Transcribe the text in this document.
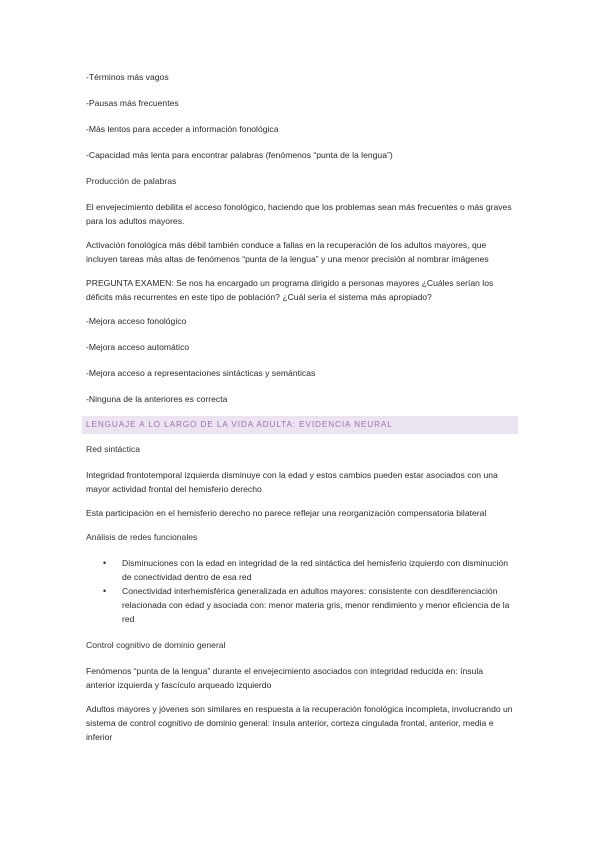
-Términos más vagos

-Pausas más frecuentes

-Más lentos para acceder a información fonológica

-Capacidad más lenta para encontrar palabras (fenómenos “punta de la lengua”)

Producción de palabras

El envejecimiento debilita el acceso fonológico, haciendo que los problemas sean más frecuentes o más graves para los adultos mayores.

Activación fonológica más débil también conduce a fallas en la recuperación de los adultos mayores, que incluyen tareas más altas de fenómenos “punta de la lengua” y una menor precisión al nombrar imágenes

PREGUNTA EXAMEN: Se nos ha encargado un programa dirigido a personas mayores ¿Cuáles serían los déficits más recurrentes en este tipo de población? ¿Cuál sería el sistema más apropiado?

-Mejora acceso fonológico

-Mejora acceso automático

-Mejora acceso a representaciones sintácticas y semánticas

-Ninguna de la anteriores es correcta

LENGUAJE A LO LARGO DE LA VIDA ADULTA: EVIDENCIA NEURAL

Red sintáctica

Integridad frontotemporal izquierda disminuye con la edad y estos cambios pueden estar asociados con una mayor actividad frontal del hemisferio derecho

Esta participación en el hemisferio derecho no parece reflejar una reorganización compensatoria bilateral

Análisis de redes funcionales

• Disminuciones con la edad en integridad de la red sintáctica del hemisferio izquierdo con disminución de conectividad dentro de esa red
• Conectividad interhemisférica generalizada en adultos mayores: consistente con desdiferenciación relacionada con edad y asociada con: menor materia gris, menor rendimiento y menor eficiencia de la red

Control cognitivo de dominio general

Fenómenos “punta de la lengua” durante el envejecimiento asociados con integridad reducida en: ínsula anterior izquierda y fascículo arqueado izquierdo

Adultos mayores y jóvenes son similares en respuesta a la recuperación fonológica incompleta, involucrando un sistema de control cognitivo de dominio general: ínsula anterior, corteza cingulada frontal, anterior, media e inferior
